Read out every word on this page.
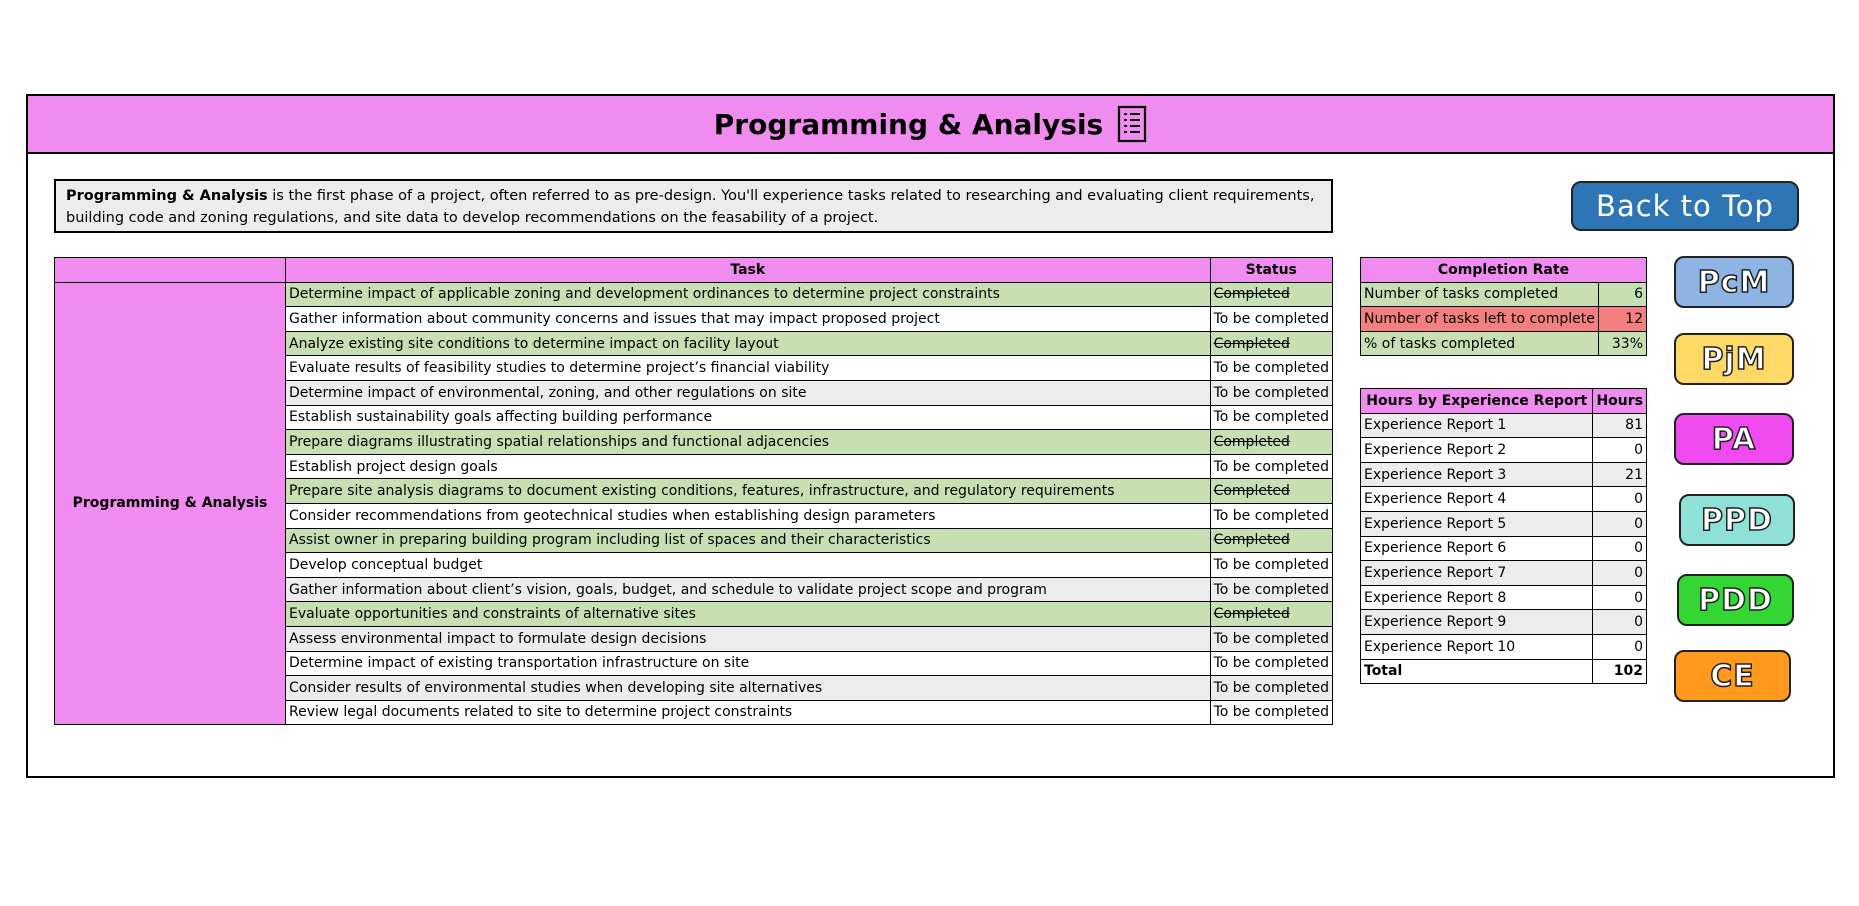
Programming & Analysis
Programming & Analysis is the first phase of a project, often referred to as pre-design. You'll experience tasks related to researching and evaluating client requirements, building code and zoning regulations, and site data to develop recommendations on the feasability of a project.	Back to Top
	Task	Status
Programming & Analysis	Determine impact of applicable zoning and development ordinances to determine project constraints	Completed
	Gather information about community concerns and issues that may impact proposed project	To be completed
	Analyze existing site conditions to determine impact on facility layout	Completed
	Evaluate results of feasibility studies to determine project’s financial viability	To be completed
	Determine impact of environmental, zoning, and other regulations on site	To be completed
	Establish sustainability goals affecting building performance	To be completed
	Prepare diagrams illustrating spatial relationships and functional adjacencies	Completed
	Establish project design goals	To be completed
	Prepare site analysis diagrams to document existing conditions, features, infrastructure, and regulatory requirements	Completed
	Consider recommendations from geotechnical studies when establishing design parameters	To be completed
	Assist owner in preparing building program including list of spaces and their characteristics	Completed
	Develop conceptual budget	To be completed
	Gather information about client’s vision, goals, budget, and schedule to validate project scope and program	To be completed
	Evaluate opportunities and constraints of alternative sites	Completed
	Assess environmental impact to formulate design decisions	To be completed
	Determine impact of existing transportation infrastructure on site	To be completed
	Consider results of environmental studies when developing site alternatives	To be completed
	Review legal documents related to site to determine project constraints	To be completed
Completion Rate	
Number of tasks completed	6
Number of tasks left to complete	12
% of tasks completed	33%
Hours by Experience Report	Hours
Experience Report 1	81
Experience Report 2	0
Experience Report 3	21
Experience Report 4	0
Experience Report 5	0
Experience Report 6	0
Experience Report 7	0
Experience Report 8	0
Experience Report 9	0
Experience Report 10	0
Total	102
PcM
PjM
PA
PPD
PDD
CE
